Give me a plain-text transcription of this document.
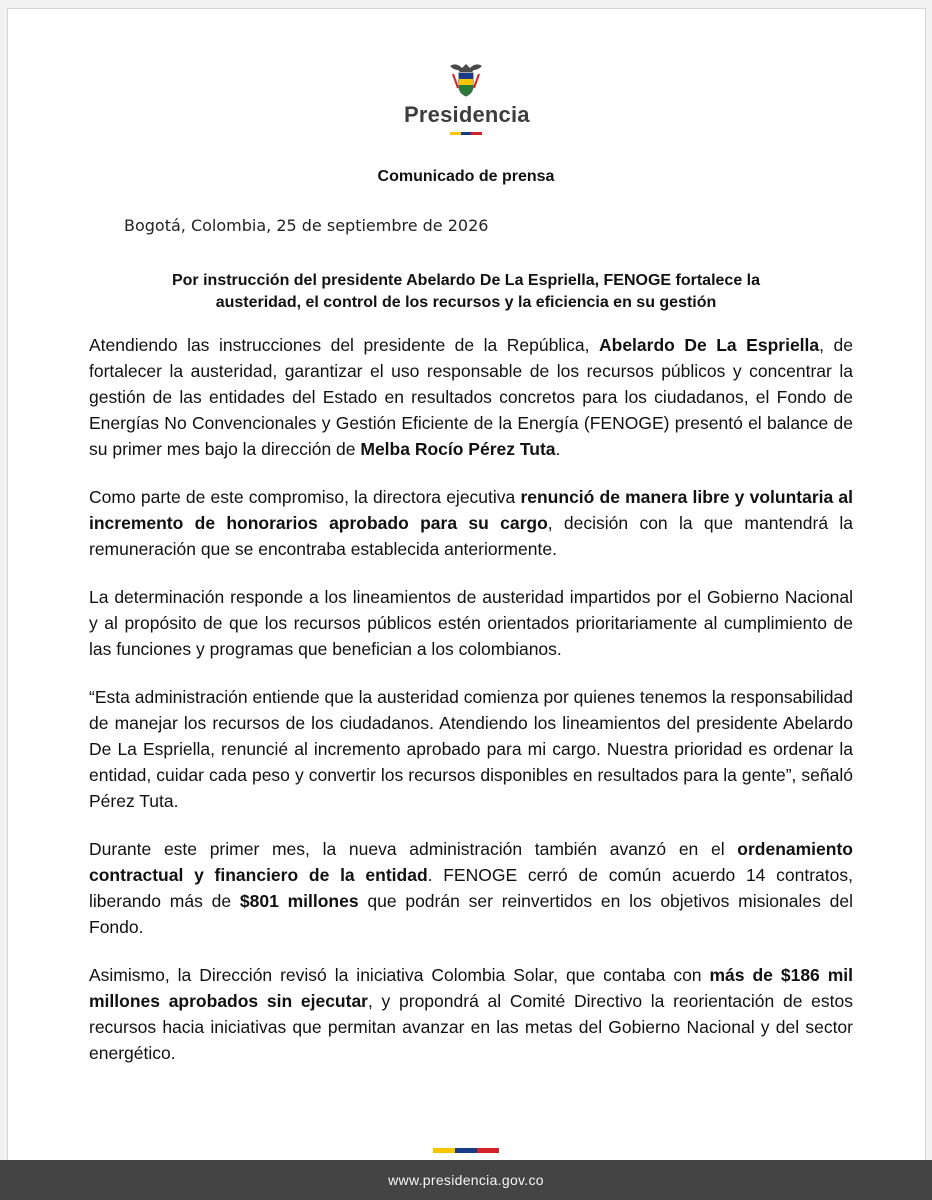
Presidencia
Comunicado de prensa
Bogotá, Colombia, 25 de septiembre de 2026
Por instrucción del presidente Abelardo De La Espriella, FENOGE fortalece la austeridad, el control de los recursos y la eficiencia en su gestión

Atendiendo las instrucciones del presidente de la República, Abelardo De La Espriella, de fortalecer la austeridad, garantizar el uso responsable de los recursos públicos y concentrar la gestión de las entidades del Estado en resultados concretos para los ciudadanos, el Fondo de Energías No Convencionales y Gestión Eficiente de la Energía (FENOGE) presentó el balance de su primer mes bajo la dirección de Melba Rocío Pérez Tuta.

Como parte de este compromiso, la directora ejecutiva renunció de manera libre y voluntaria al incremento de honorarios aprobado para su cargo, decisión con la que mantendrá la remuneración que se encontraba establecida anteriormente.

La determinación responde a los lineamientos de austeridad impartidos por el Gobierno Nacional y al propósito de que los recursos públicos estén orientados prioritariamente al cumplimiento de las funciones y programas que benefician a los colombianos.

“Esta administración entiende que la austeridad comienza por quienes tenemos la responsabilidad de manejar los recursos de los ciudadanos. Atendiendo los lineamientos del presidente Abelardo De La Espriella, renuncié al incremento aprobado para mi cargo. Nuestra prioridad es ordenar la entidad, cuidar cada peso y convertir los recursos disponibles en resultados para la gente”, señaló Pérez Tuta.

Durante este primer mes, la nueva administración también avanzó en el ordenamiento contractual y financiero de la entidad. FENOGE cerró de común acuerdo 14 contratos, liberando más de $801 millones que podrán ser reinvertidos en los objetivos misionales del Fondo.

Asimismo, la Dirección revisó la iniciativa Colombia Solar, que contaba con más de $186 mil millones aprobados sin ejecutar, y propondrá al Comité Directivo la reorientación de estos recursos hacia iniciativas que permitan avanzar en las metas del Gobierno Nacional y del sector energético.

www.presidencia.gov.co
